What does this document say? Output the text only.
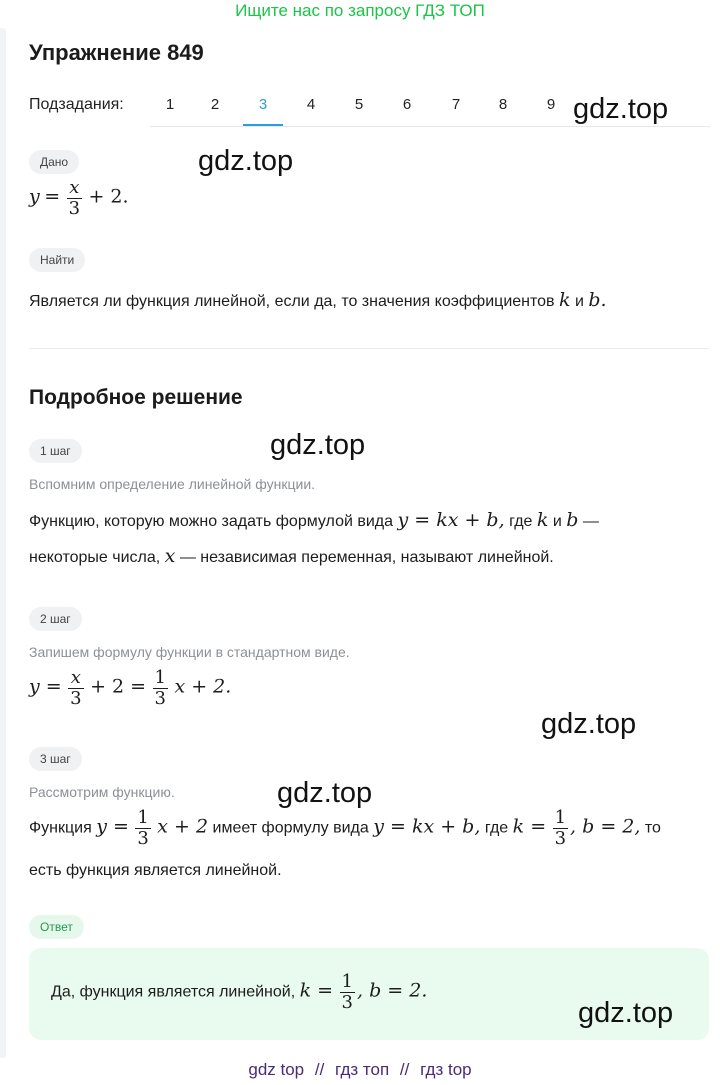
Ищите нас по запросу ГДЗ ТОП
Упражнение 849
Подзадания:	1	2	3	4	5	6	7	8	9
Дано
$y = \frac{x}{3} + 2$.
Найти
Является ли функция линейной, если да, то значения коэффициентов k и b.
Подробное решение
1 шаг
Вспомним определение линейной функции.
Функцию, которую можно задать формулой вида y = kx + b, где k и b —
некоторые числа, x — независимая переменная, называют линейной.
2 шаг
Запишем формулу функции в стандартном виде.
$y = \frac{x}{3} + 2 = \frac{1}{3}$ x + 2.
3 шаг
Рассмотрим функцию.
Функция $y = \frac{1}{3}$ x + 2 имеет формулу вида y = kx + b, где $k = \frac{1}{3}$ , b = 2, то
есть функция является линейной.
Ответ
Да, функция является линейной, $k = \frac{1}{3}$ , b = 2.
gdz.top
gdz.top
gdz.top
gdz.top
gdz.top
gdz.top
gdz top // гдз топ // гдз top
